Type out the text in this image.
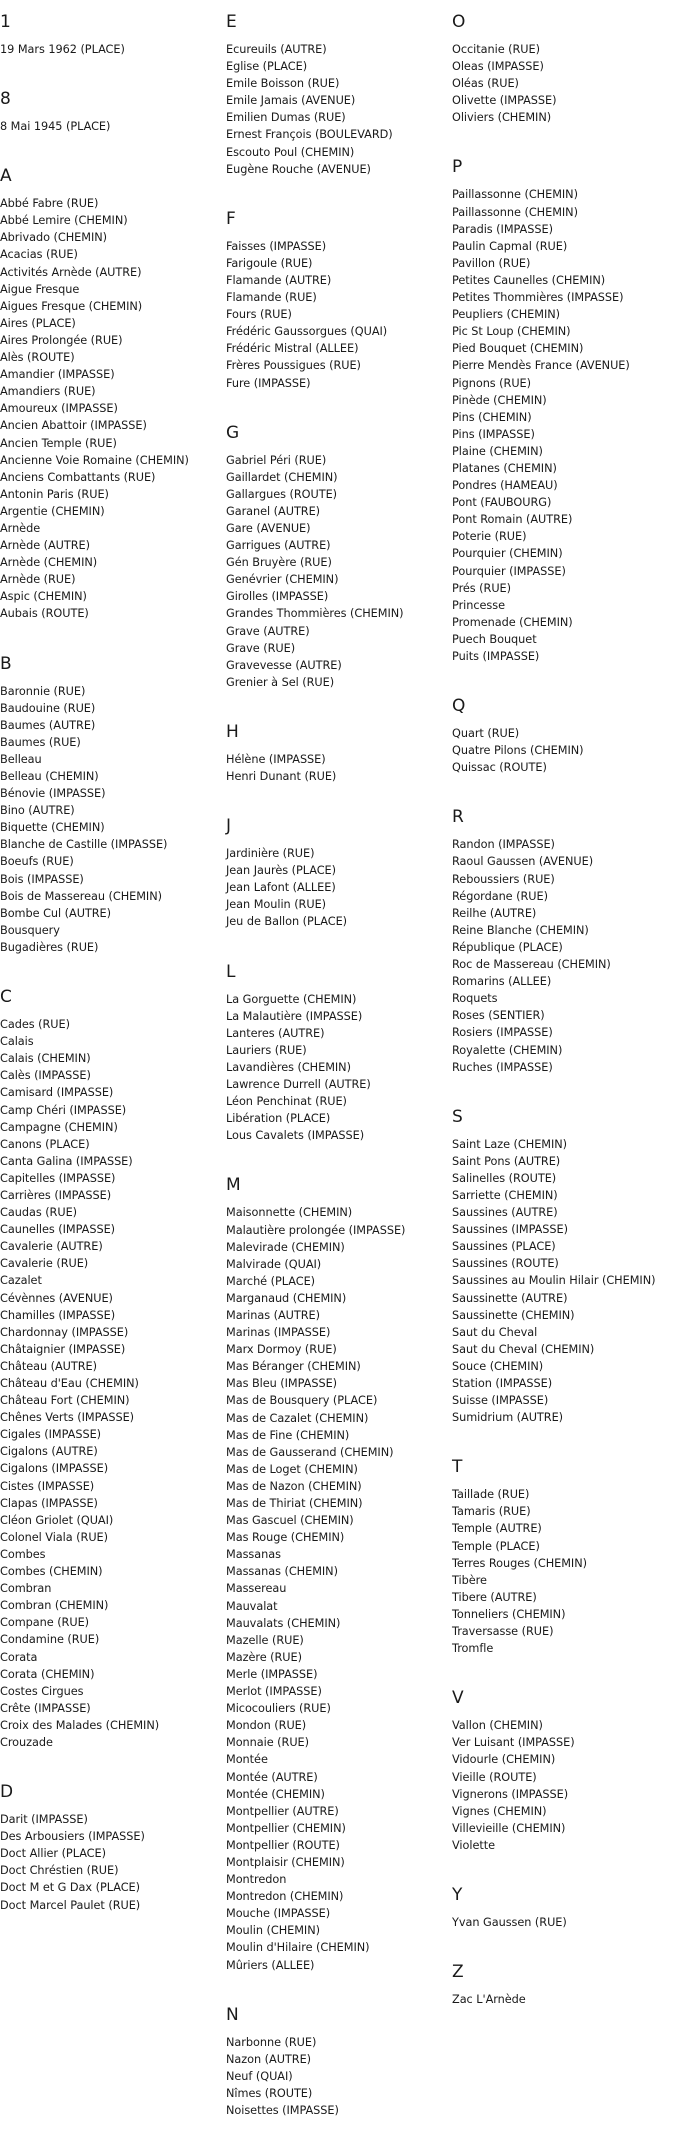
1
19 Mars 1962 (PLACE)
8
8 Mai 1945 (PLACE)
A
Abbé Fabre (RUE)
Abbé Lemire (CHEMIN)
Abrivado (CHEMIN)
Acacias (RUE)
Activités Arnède (AUTRE)
Aigue Fresque
Aigues Fresque (CHEMIN)
Aires (PLACE)
Aires Prolongée (RUE)
Alès (ROUTE)
Amandier (IMPASSE)
Amandiers (RUE)
Amoureux (IMPASSE)
Ancien Abattoir (IMPASSE)
Ancien Temple (RUE)
Ancienne Voie Romaine (CHEMIN)
Anciens Combattants (RUE)
Antonin Paris (RUE)
Argentie (CHEMIN)
Arnède
Arnède (AUTRE)
Arnède (CHEMIN)
Arnède (RUE)
Aspic (CHEMIN)
Aubais (ROUTE)
B
Baronnie (RUE)
Baudouine (RUE)
Baumes (AUTRE)
Baumes (RUE)
Belleau
Belleau (CHEMIN)
Bénovie (IMPASSE)
Bino (AUTRE)
Biquette (CHEMIN)
Blanche de Castille (IMPASSE)
Boeufs (RUE)
Bois (IMPASSE)
Bois de Massereau (CHEMIN)
Bombe Cul (AUTRE)
Bousquery
Bugadières (RUE)
C
Cades (RUE)
Calais
Calais (CHEMIN)
Calès (IMPASSE)
Camisard (IMPASSE)
Camp Chéri (IMPASSE)
Campagne (CHEMIN)
Canons (PLACE)
Canta Galina (IMPASSE)
Capitelles (IMPASSE)
Carrières (IMPASSE)
Caudas (RUE)
Caunelles (IMPASSE)
Cavalerie (AUTRE)
Cavalerie (RUE)
Cazalet
Cévènnes (AVENUE)
Chamilles (IMPASSE)
Chardonnay (IMPASSE)
Châtaignier (IMPASSE)
Château (AUTRE)
Château d'Eau (CHEMIN)
Château Fort (CHEMIN)
Chênes Verts (IMPASSE)
Cigales (IMPASSE)
Cigalons (AUTRE)
Cigalons (IMPASSE)
Cistes (IMPASSE)
Clapas (IMPASSE)
Cléon Griolet (QUAI)
Colonel Viala (RUE)
Combes
Combes (CHEMIN)
Combran
Combran (CHEMIN)
Compane (RUE)
Condamine (RUE)
Corata
Corata (CHEMIN)
Costes Cirgues
Crête (IMPASSE)
Croix des Malades (CHEMIN)
Crouzade
D
Darit (IMPASSE)
Des Arbousiers (IMPASSE)
Doct Allier (PLACE)
Doct Chréstien (RUE)
Doct M et G Dax (PLACE)
Doct Marcel Paulet (RUE)
E
Ecureuils (AUTRE)
Eglise (PLACE)
Emile Boisson (RUE)
Emile Jamais (AVENUE)
Emilien Dumas (RUE)
Ernest François (BOULEVARD)
Escouto Poul (CHEMIN)
Eugène Rouche (AVENUE)
F
Faisses (IMPASSE)
Farigoule (RUE)
Flamande (AUTRE)
Flamande (RUE)
Fours (RUE)
Frédéric Gaussorgues (QUAI)
Frédéric Mistral (ALLEE)
Frères Poussigues (RUE)
Fure (IMPASSE)
G
Gabriel Péri (RUE)
Gaillardet (CHEMIN)
Gallargues (ROUTE)
Garanel (AUTRE)
Gare (AVENUE)
Garrigues (AUTRE)
Gén Bruyère (RUE)
Genévrier (CHEMIN)
Girolles (IMPASSE)
Grandes Thommières (CHEMIN)
Grave (AUTRE)
Grave (RUE)
Gravevesse (AUTRE)
Grenier à Sel (RUE)
H
Hélène (IMPASSE)
Henri Dunant (RUE)
J
Jardinière (RUE)
Jean Jaurès (PLACE)
Jean Lafont (ALLEE)
Jean Moulin (RUE)
Jeu de Ballon (PLACE)
L
La Gorguette (CHEMIN)
La Malautière (IMPASSE)
Lanteres (AUTRE)
Lauriers (RUE)
Lavandières (CHEMIN)
Lawrence Durrell (AUTRE)
Léon Penchinat (RUE)
Libération (PLACE)
Lous Cavalets (IMPASSE)
M
Maisonnette (CHEMIN)
Malautière prolongée (IMPASSE)
Malevirade (CHEMIN)
Malvirade (QUAI)
Marché (PLACE)
Marganaud (CHEMIN)
Marinas (AUTRE)
Marinas (IMPASSE)
Marx Dormoy (RUE)
Mas Béranger (CHEMIN)
Mas Bleu (IMPASSE)
Mas de Bousquery (PLACE)
Mas de Cazalet (CHEMIN)
Mas de Fine (CHEMIN)
Mas de Gausserand (CHEMIN)
Mas de Loget (CHEMIN)
Mas de Nazon (CHEMIN)
Mas de Thiriat (CHEMIN)
Mas Gascuel (CHEMIN)
Mas Rouge (CHEMIN)
Massanas
Massanas (CHEMIN)
Massereau
Mauvalat
Mauvalats (CHEMIN)
Mazelle (RUE)
Mazère (RUE)
Merle (IMPASSE)
Merlot (IMPASSE)
Micocouliers (RUE)
Mondon (RUE)
Monnaie (RUE)
Montée
Montée (AUTRE)
Montée (CHEMIN)
Montpellier (AUTRE)
Montpellier (CHEMIN)
Montpellier (ROUTE)
Montplaisir (CHEMIN)
Montredon
Montredon (CHEMIN)
Mouche (IMPASSE)
Moulin (CHEMIN)
Moulin d'Hilaire (CHEMIN)
Mûriers (ALLEE)
N
Narbonne (RUE)
Nazon (AUTRE)
Neuf (QUAI)
Nîmes (ROUTE)
Noisettes (IMPASSE)
O
Occitanie (RUE)
Oleas (IMPASSE)
Oléas (RUE)
Olivette (IMPASSE)
Oliviers (CHEMIN)
P
Paillassonne (CHEMIN)
Paillassonne (CHEMIN)
Paradis (IMPASSE)
Paulin Capmal (RUE)
Pavillon (RUE)
Petites Caunelles (CHEMIN)
Petites Thommières (IMPASSE)
Peupliers (CHEMIN)
Pic St Loup (CHEMIN)
Pied Bouquet (CHEMIN)
Pierre Mendès France (AVENUE)
Pignons (RUE)
Pinède (CHEMIN)
Pins (CHEMIN)
Pins (IMPASSE)
Plaine (CHEMIN)
Platanes (CHEMIN)
Pondres (HAMEAU)
Pont (FAUBOURG)
Pont Romain (AUTRE)
Poterie (RUE)
Pourquier (CHEMIN)
Pourquier (IMPASSE)
Prés (RUE)
Princesse
Promenade (CHEMIN)
Puech Bouquet
Puits (IMPASSE)
Q
Quart (RUE)
Quatre Pilons (CHEMIN)
Quissac (ROUTE)
R
Randon (IMPASSE)
Raoul Gaussen (AVENUE)
Reboussiers (RUE)
Régordane (RUE)
Reilhe (AUTRE)
Reine Blanche (CHEMIN)
République (PLACE)
Roc de Massereau (CHEMIN)
Romarins (ALLEE)
Roquets
Roses (SENTIER)
Rosiers (IMPASSE)
Royalette (CHEMIN)
Ruches (IMPASSE)
S
Saint Laze (CHEMIN)
Saint Pons (AUTRE)
Salinelles (ROUTE)
Sarriette (CHEMIN)
Saussines (AUTRE)
Saussines (IMPASSE)
Saussines (PLACE)
Saussines (ROUTE)
Saussines au Moulin Hilair (CHEMIN)
Saussinette (AUTRE)
Saussinette (CHEMIN)
Saut du Cheval
Saut du Cheval (CHEMIN)
Souce (CHEMIN)
Station (IMPASSE)
Suisse (IMPASSE)
Sumidrium (AUTRE)
T
Taillade (RUE)
Tamaris (RUE)
Temple (AUTRE)
Temple (PLACE)
Terres Rouges (CHEMIN)
Tibère
Tibere (AUTRE)
Tonneliers (CHEMIN)
Traversasse (RUE)
Tromfle
V
Vallon (CHEMIN)
Ver Luisant (IMPASSE)
Vidourle (CHEMIN)
Vieille (ROUTE)
Vignerons (IMPASSE)
Vignes (CHEMIN)
Villevieille (CHEMIN)
Violette
Y
Yvan Gaussen (RUE)
Z
Zac L'Arnède
